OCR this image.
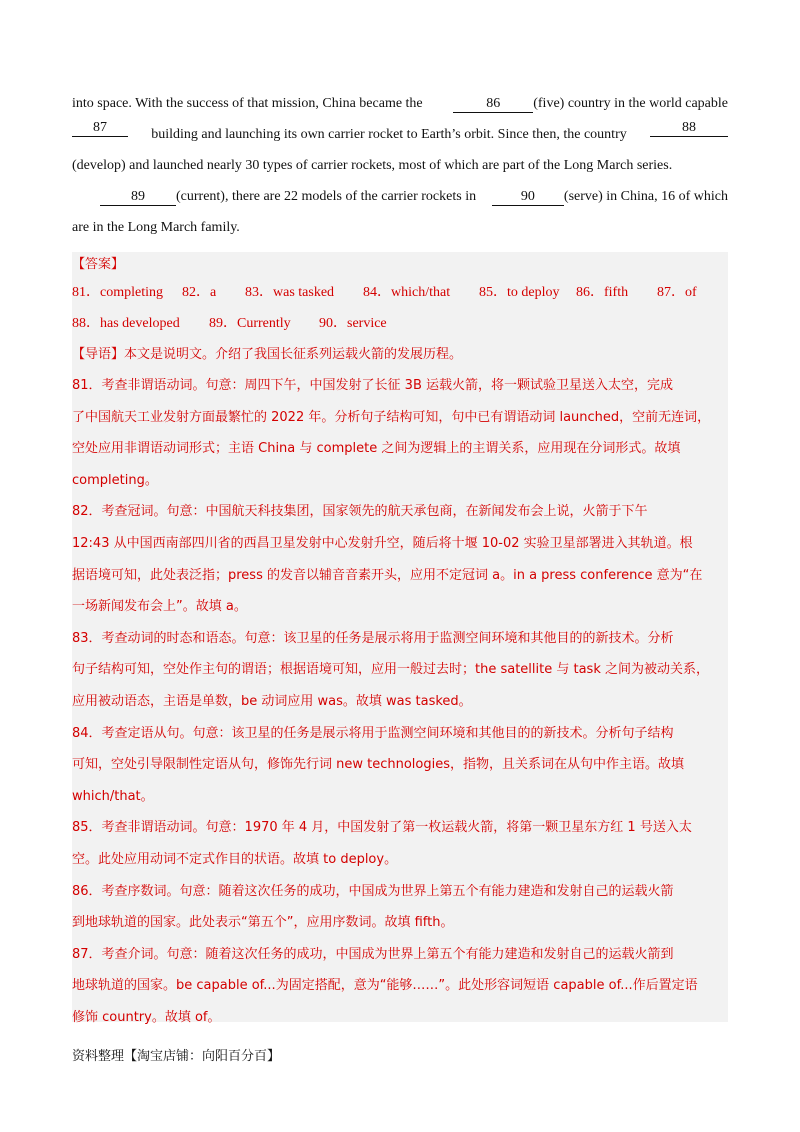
into space. With the success of that mission, China became the	86 (five) country in the world capable
87	building and launching its own carrier rocket to Earth’s orbit. Since then, the country	88
(develop) and launched nearly 30 types of carrier rockets, most of which are part of the Long March series.
89 (current), there are 22 models of the carrier rockets in	90 (serve) in China, 16 of which
are in the Long March family.
【答案】
81．completing	82．a	83．was tasked	84．which/that	85．to deploy	86．fifth	87．of
88．has developed	89．Currently	90．service
【导语】本文是说明文。介绍了我国长征系列运载火箭的发展历程。
81．考查非谓语动词。句意：周四下午，中国发射了长征 3B 运载火箭，将一颗试验卫星送入太空，完成
了中国航天工业发射方面最繁忙的 2022 年。分析句子结构可知，句中已有谓语动词 launched，空前无连词，
空处应用非谓语动词形式；主语 China 与 complete 之间为逻辑上的主谓关系，应用现在分词形式。故填
completing。
82．考查冠词。句意：中国航天科技集团，国家领先的航天承包商，在新闻发布会上说，火箭于下午
12:43 从中国西南部四川省的西昌卫星发射中心发射升空，随后将十堰 10-02 实验卫星部署进入其轨道。根
据语境可知，此处表泛指；press 的发音以辅音音素开头，应用不定冠词 a。in a press conference 意为“在
一场新闻发布会上”。故填 a。
83．考查动词的时态和语态。句意：该卫星的任务是展示将用于监测空间环境和其他目的的新技术。分析
句子结构可知，空处作主句的谓语；根据语境可知，应用一般过去时；the satellite 与 task 之间为被动关系，
应用被动语态，主语是单数，be 动词应用 was。故填 was tasked。
84．考查定语从句。句意：该卫星的任务是展示将用于监测空间环境和其他目的的新技术。分析句子结构
可知，空处引导限制性定语从句，修饰先行词 new technologies，指物，且关系词在从句中作主语。故填
which/that。
85．考查非谓语动词。句意：1970 年 4 月，中国发射了第一枚运载火箭，将第一颗卫星东方红 1 号送入太
空。此处应用动词不定式作目的状语。故填 to deploy。
86．考查序数词。句意：随着这次任务的成功，中国成为世界上第五个有能力建造和发射自己的运载火箭
到地球轨道的国家。此处表示“第五个”，应用序数词。故填 fifth。
87．考查介词。句意：随着这次任务的成功，中国成为世界上第五个有能力建造和发射自己的运载火箭到
地球轨道的国家。be capable of...为固定搭配，意为“能够……”。此处形容词短语 capable of...作后置定语
修饰 country。故填 of。
资料整理【淘宝店铺：向阳百分百】
